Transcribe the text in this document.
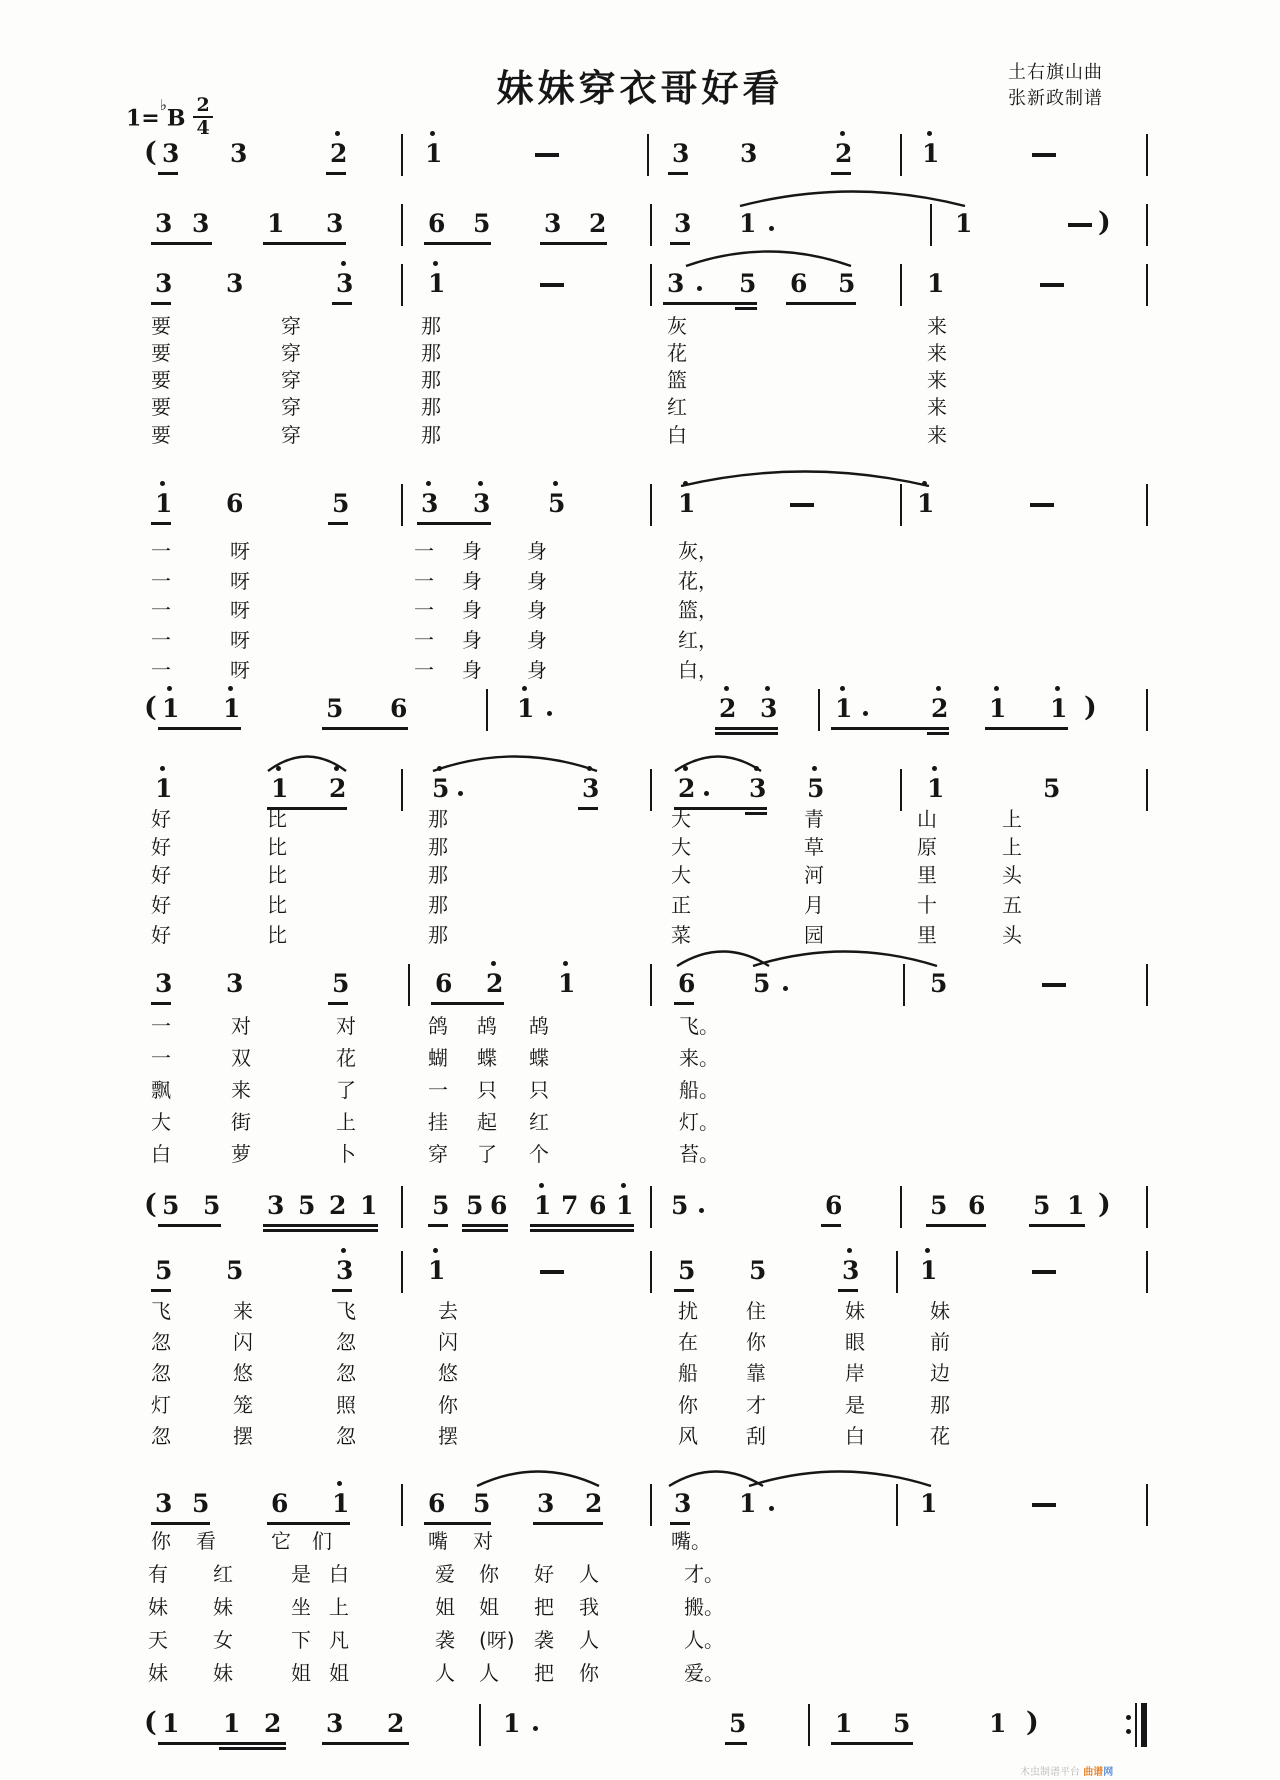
妹妹穿衣哥好看
$1=^♭B \frac{2}{4}$
土右旗山曲
张新政制谱
( 3 3	2	1	3 3	2	1
3 3 1 3	6 5 3 2	3 1	1	)
3 3	3	1	3 5 6 5	1
1 6	5	3 3 5	1	1
( 1 1	5 6	1	2 3 1	2 1 1 )
1	1 2	5	3	2 3 5	1	5
3 3	5	6 2 1	6 5	5
( 5 5 3 5 2 1 5 5 6 1 7 6 1 5	6	5 6 5 1 )
5 5	3	1	5 5	3 1
3 5 6 1	6 5 3 2	3 1	1
( 1 1 2 3 2	1	5	1 5	1 )
要	穿	那	灰	来
要	穿	那	花	来
要	穿	那	篮	来
要	穿	那	红	来
要	穿	那	白	来
一	呀	一 身 身	灰，
一	呀	一 身 身	花，
一	呀	一 身 身	篮，
一	呀	一 身 身	红，
一	呀	一 身 身	白，
好	比	那	大	青	山	上
好	比	那	大	草	原	上
好	比	那	大	河	里	头
好	比	那	正	月	十	五
好	比	那	菜	园	里	头
一	对	对	鸽 鸪 鸪	飞。
一	双	花	蝴 蝶 蝶	来。
飘	来	了	一 只 只	船。
大	街	上	挂 起 红	灯。
白	萝	卜	穿 了 个	苔。
飞	来	飞	去	扰 住	妹	妹
忽	闪	忽	闪	在 你	眼	前
忽	悠	忽	悠	船 靠	岸	边
灯	笼	照	你	你 才	是	那
忽	摆	忽	摆	风 刮	白	花
你 看	它 们	嘴 对	嘴。
有 红	是 白	爱 你 好 人	才。
妹 妹	坐 上	姐 姐 把 我	搬。
天 女	下 凡	袭 (呀) 袭 人	人。
妹 妹	姐 姐	人 人 把 你	爱。
木虫制谱平台 曲谱网
